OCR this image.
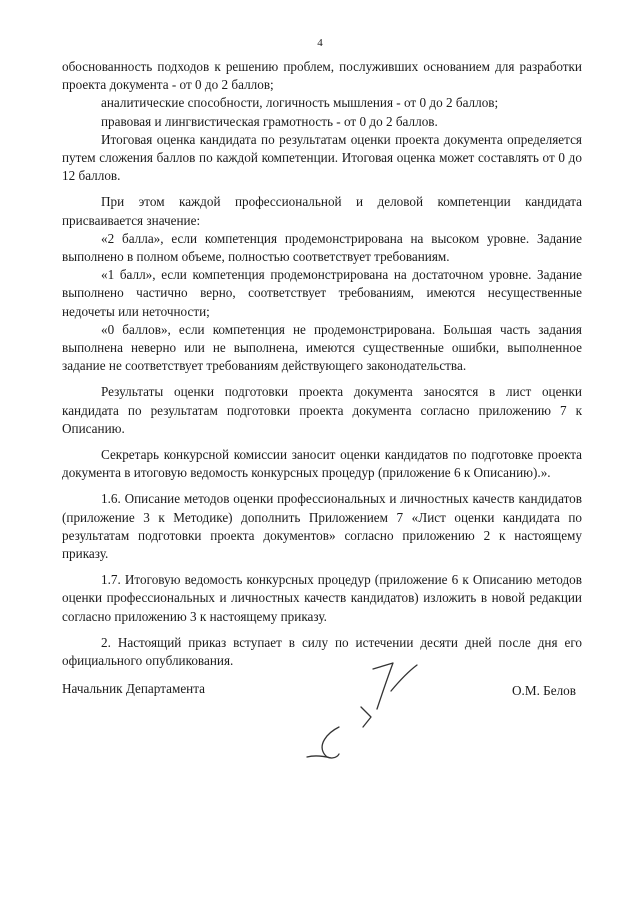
4

обоснованность подходов к решению проблем, послуживших основанием для разработки проекта документа - от 0 до 2 баллов;

аналитические способности, логичность мышления - от 0 до 2 баллов;

правовая и лингвистическая грамотность - от 0 до 2 баллов.

Итоговая оценка кандидата по результатам оценки проекта документа определяется путем сложения баллов по каждой компетенции. Итоговая оценка может составлять от 0 до 12 баллов.

При этом каждой профессиональной и деловой компетенции кандидата присваивается значение:

«2 балла», если компетенция продемонстрирована на высоком уровне. Задание выполнено в полном объеме, полностью соответствует требованиям.

«1 балл», если компетенция продемонстрирована на достаточном уровне. Задание выполнено частично верно, соответствует требованиям, имеются несущественные недочеты или неточности;

«0 баллов», если компетенция не продемонстрирована. Большая часть задания выполнена неверно или не выполнена, имеются существенные ошибки, выполненное задание не соответствует требованиям действующего законодательства.

Результаты оценки подготовки проекта документа заносятся в лист оценки кандидата по результатам подготовки проекта документа согласно приложению 7 к Описанию.

Секретарь конкурсной комиссии заносит оценки кандидатов по подготовке проекта документа в итоговую ведомость конкурсных процедур (приложение 6 к Описанию).».

1.6. Описание методов оценки профессиональных и личностных качеств кандидатов (приложение 3 к Методике) дополнить Приложением 7 «Лист оценки кандидата по результатам подготовки проекта документов» согласно приложению 2 к настоящему приказу.

1.7. Итоговую ведомость конкурсных процедур (приложение 6 к Описанию методов оценки профессиональных и личностных качеств кандидатов) изложить в новой редакции согласно приложению 3 к настоящему приказу.

2. Настоящий приказ вступает в силу по истечении десяти дней после дня его официального опубликования.

Начальник Департамента	О.М. Белов
